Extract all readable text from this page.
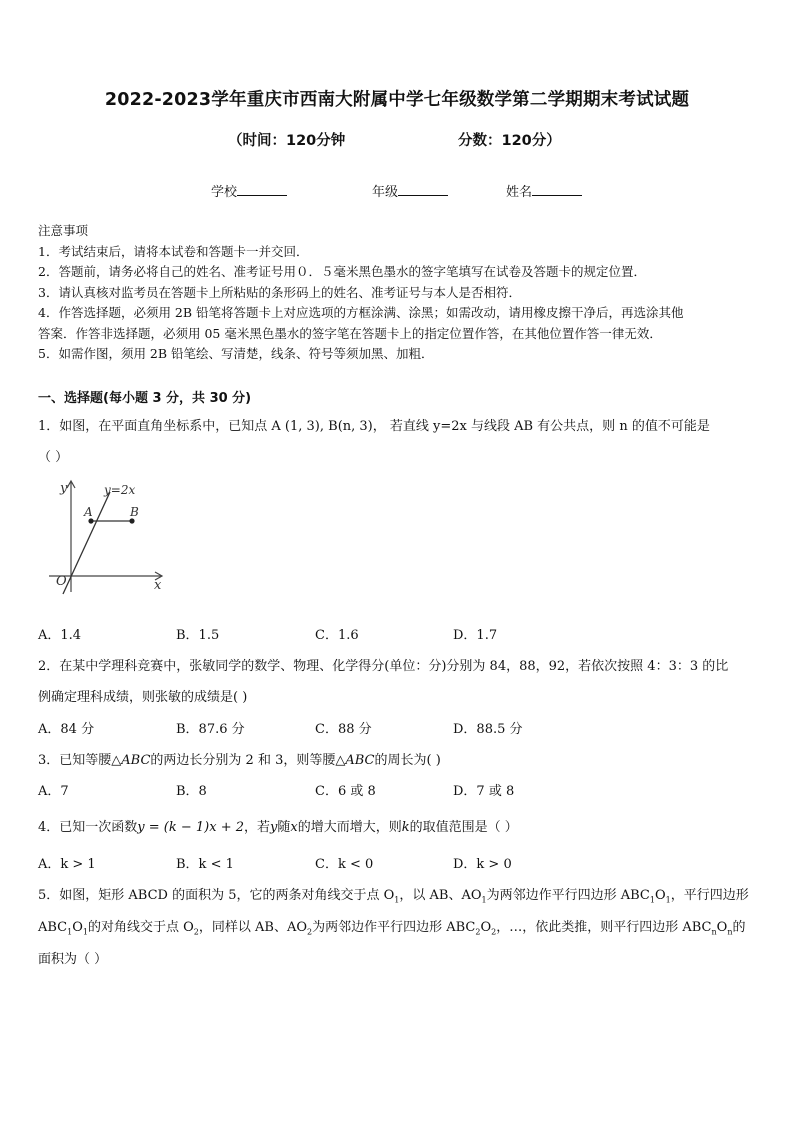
2022-2023学年重庆市西南大附属中学七年级数学第二学期期末考试试题
（时间：120分钟	分数：120分）
学校	年级	姓名
注意事项
1．考试结束后，请将本试卷和答题卡一并交回．
2．答题前，请务必将自己的姓名、准考证号用０．５毫米黑色墨水的签字笔填写在试卷及答题卡的规定位置．
3．请认真核对监考员在答题卡上所粘贴的条形码上的姓名、准考证号与本人是否相符．
4．作答选择题，必须用 2B 铅笔将答题卡上对应选项的方框涂满、涂黑；如需改动，请用橡皮擦干净后，再选涂其他
答案．作答非选择题，必须用 05 毫米黑色墨水的签字笔在答题卡上的指定位置作答，在其他位置作答一律无效．
5．如需作图，须用 2B 铅笔绘、写清楚，线条、符号等须加黑、加粗．
一、选择题(每小题 3 分，共 30 分)
1．如图，在平面直角坐标系中，已知点 A (1, 3), B(n, 3)， 若直线 y=2x 与线段 AB 有公共点，则 n 的值不可能是
（ ）
y
x
O
A	B
y=2x
A．1.4	B．1.5	C．1.6	D．1.7
2．在某中学理科竞赛中，张敏同学的数学、物理、化学得分(单位：分)分别为 84，88，92，若依次按照 4：3：3 的比
例确定理科成绩，则张敏的成绩是( )
A．84 分	B．87.6 分	C．88 分	D．88.5 分
3．已知等腰△ABC的两边长分别为 2 和 3，则等腰△ABC的周长为( )
A．7	B．8	C．6 或 8	D．7 或 8
4．已知一次函数y = (k − 1)x + 2，若y随x的增大而增大，则k的取值范围是（ ）
A．k > 1	B．k < 1	C．k < 0	D．k > 0
5．如图，矩形 ABCD 的面积为 5，它的两条对角线交于点 $O_1$，以 AB、$AO_1$为两邻边作平行四边形 $ABC_1O_1$，平行四边形
$ABC_1O_1$的对角线交于点 $O_2$，同样以 AB、$AO_2$为两邻边作平行四边形 $ABC_2O_2$，…，依此类推，则平行四边形 $ABC_nO_n$的
面积为（ ）
